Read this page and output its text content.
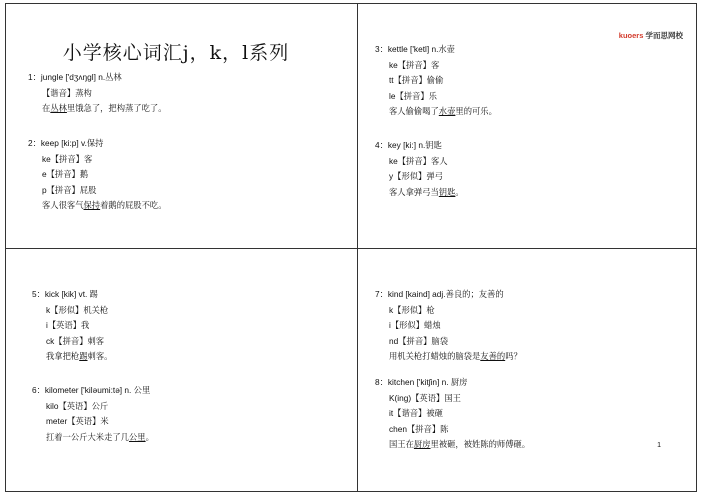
小学核心词汇j，k，l系列
1：jungle ['dʒʌŋgl] n.丛林
【谐音】蒸构
在丛林里饿急了，把构蒸了吃了。
2：keep [ki:p] v.保持
ke【拼音】客
e【拼音】鹅
p【拼音】屁股
客人很客气保持着鹅的屁股不吃。
kuoers 学而思网校
3：kettle ['ketl] n.水壶
ke【拼音】客
tt【拼音】偷偷
le【拼音】乐
客人偷偷喝了水壶里的可乐。
4：key [ki:] n.钥匙
ke【拼音】客人
y【形似】弹弓
客人拿弹弓当钥匙。
5：kick [kik] vt. 踢
k【形似】机关枪
i【英语】我
ck【拼音】刺客
我拿把枪踢刺客。
6：kilometer ['kiləumi:tə] n. 公里
kilo【英语】公斤
meter【英语】米
扛着一公斤大米走了几公里。
7：kind [kaind] adj.善良的；友善的
k【形似】枪
i【形似】蜡烛
nd【拼音】脑袋
用机关枪打蜡烛的脑袋是友善的吗？
8：kitchen ['kitʃin] n. 厨房
K(ing)【英语】国王
it【谐音】被砸
chen【拼音】陈
国王在厨房里被砸，被姓陈的师傅砸。	1
